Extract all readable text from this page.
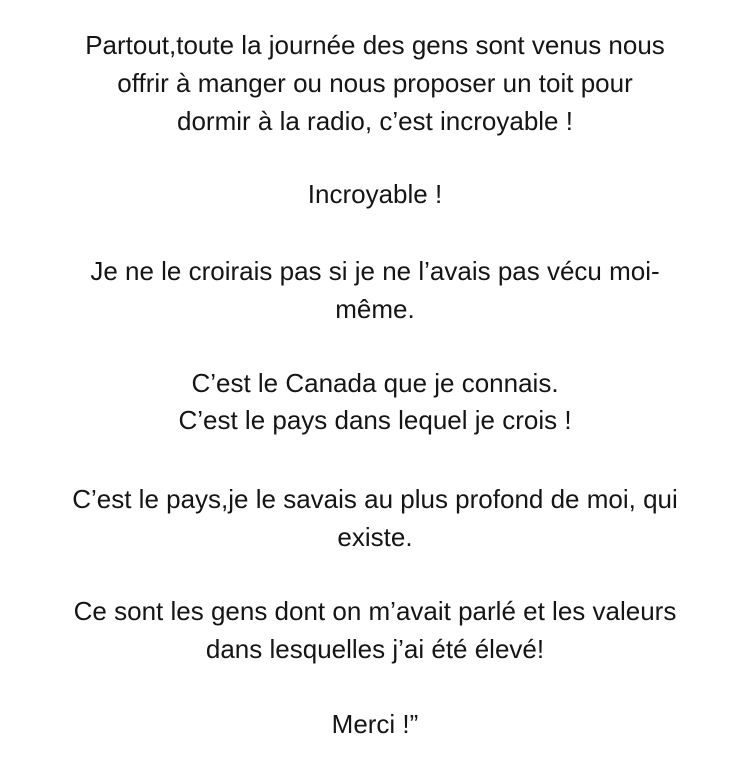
Partout,toute la journée des gens sont venus nous
offrir à manger ou nous proposer un toit pour
dormir à la radio, c’est incroyable !
Incroyable !
Je ne le croirais pas si je ne l’avais pas vécu moi-
même.
C’est le Canada que je connais.
C’est le pays dans lequel je crois !
C’est le pays,je le savais au plus profond de moi, qui
existe.
Ce sont les gens dont on m’avait parlé et les valeurs
dans lesquelles j’ai été élevé!
Merci !”
